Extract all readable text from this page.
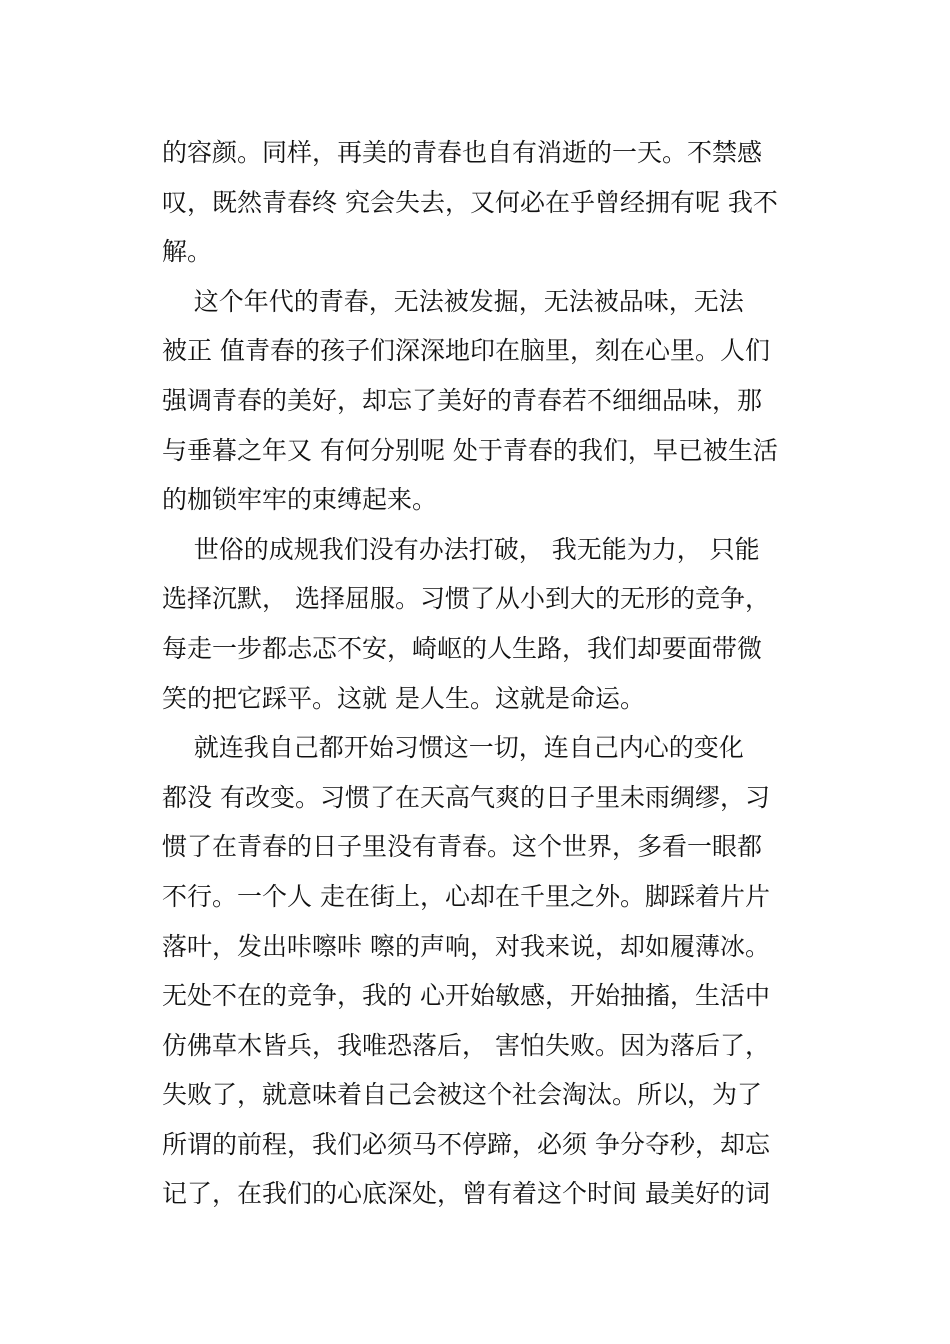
的容颜。同样，再美的青春也自有消逝的一天。不禁感
叹，既然青春终 究会失去，又何必在乎曾经拥有呢 我不
解。
这个年代的青春，无法被发掘，无法被品味，无法
被正 值青春的孩子们深深地印在脑里，刻在心里。人们
强调青春的美好，却忘了美好的青春若不细细品味，那
与垂暮之年又 有何分别呢 处于青春的我们，早已被生活
的枷锁牢牢的束缚起来。
世俗的成规我们没有办法打破， 我无能为力， 只能
选择沉默， 选择屈服。习惯了从小到大的无形的竞争，
每走一步都忐忑不安，崎岖的人生路，我们却要面带微
笑的把它踩平。这就 是人生。这就是命运。
就连我自己都开始习惯这一切，连自己内心的变化
都没 有改变。习惯了在天高气爽的日子里未雨绸缪，习
惯了在青春的日子里没有青春。这个世界，多看一眼都
不行。一个人 走在街上，心却在千里之外。脚踩着片片
落叶，发出咔嚓咔 嚓的声响，对我来说，却如履薄冰。
无处不在的竞争，我的 心开始敏感，开始抽搐，生活中
仿佛草木皆兵，我唯恐落后， 害怕失败。因为落后了，
失败了，就意味着自己会被这个社会淘汰。所以，为了
所谓的前程，我们必须马不停蹄，必须 争分夺秒，却忘
记了，在我们的心底深处，曾有着这个时间 最美好的词
